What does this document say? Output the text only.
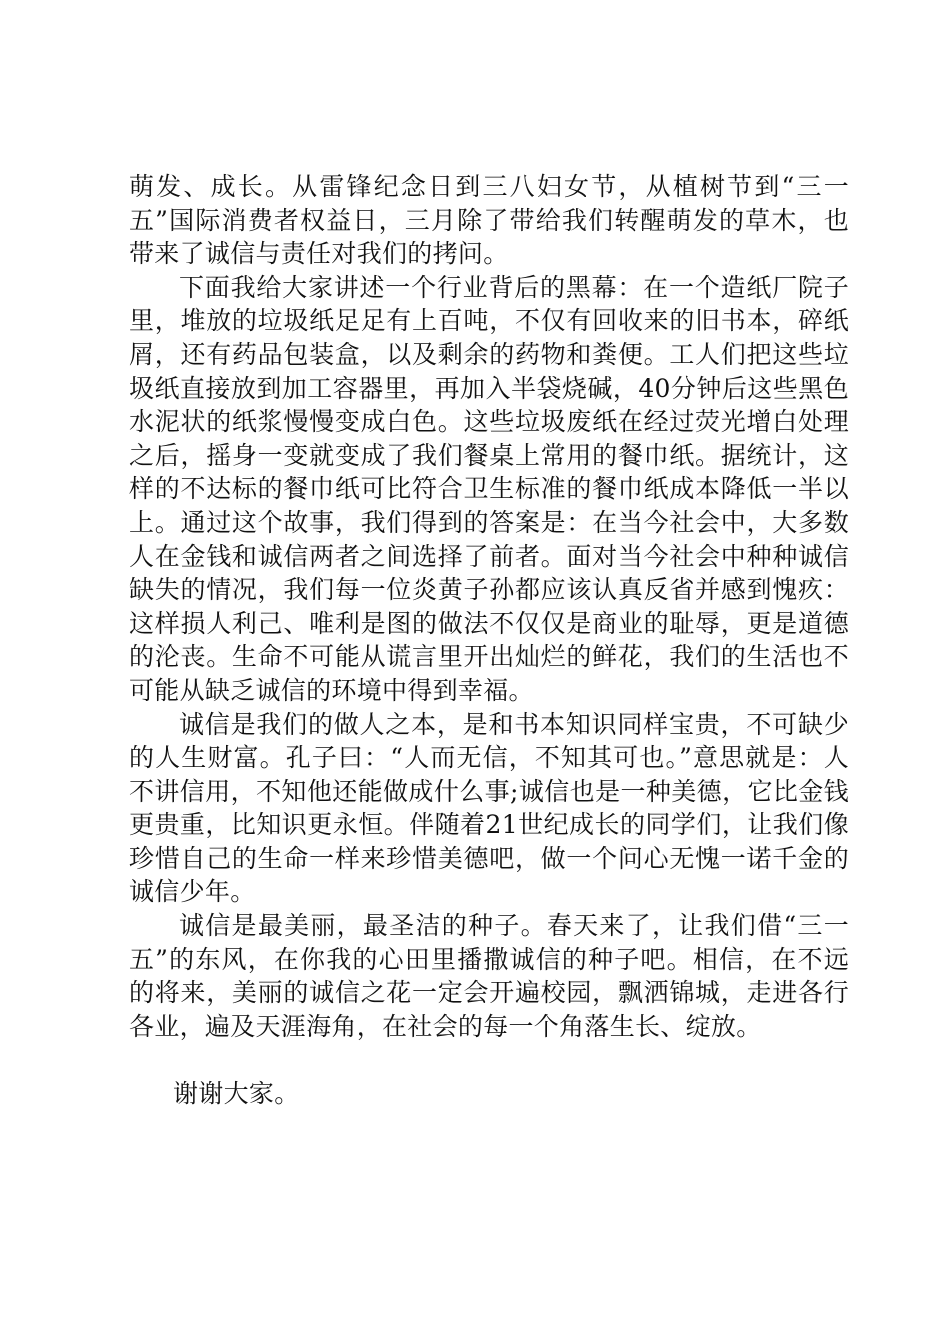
萌发、成长。从雷锋纪念日到三八妇女节，从植树节到“三一五”国际消费者权益日，三月除了带给我们转醒萌发的草木，也带来了诚信与责任对我们的拷问。

下面我给大家讲述一个行业背后的黑幕：在一个造纸厂院子里，堆放的垃圾纸足足有上百吨，不仅有回收来的旧书本，碎纸屑，还有药品包装盒，以及剩余的药物和粪便。工人们把这些垃圾纸直接放到加工容器里，再加入半袋烧碱，40分钟后这些黑色水泥状的纸浆慢慢变成白色。这些垃圾废纸在经过荧光增白处理之后，摇身一变就变成了我们餐桌上常用的餐巾纸。据统计，这样的不达标的餐巾纸可比符合卫生标准的餐巾纸成本降低一半以上。通过这个故事，我们得到的答案是：在当今社会中，大多数人在金钱和诚信两者之间选择了前者。面对当今社会中种种诚信缺失的情况，我们每一位炎黄子孙都应该认真反省并感到愧疚：这样损人利己、唯利是图的做法不仅仅是商业的耻辱，更是道德的沦丧。生命不可能从谎言里开出灿烂的鲜花，我们的生活也不可能从缺乏诚信的环境中得到幸福。

诚信是我们的做人之本，是和书本知识同样宝贵，不可缺少的人生财富。孔子曰：“人而无信，不知其可也。”意思就是：人不讲信用，不知他还能做成什么事;诚信也是一种美德，它比金钱更贵重，比知识更永恒。伴随着21世纪成长的同学们，让我们像珍惜自己的生命一样来珍惜美德吧，做一个问心无愧一诺千金的诚信少年。

诚信是最美丽，最圣洁的种子。春天来了，让我们借“三一五”的东风，在你我的心田里播撒诚信的种子吧。相信，在不远的将来，美丽的诚信之花一定会开遍校园，飘洒锦城，走进各行各业，遍及天涯海角，在社会的每一个角落生长、绽放。

谢谢大家。
